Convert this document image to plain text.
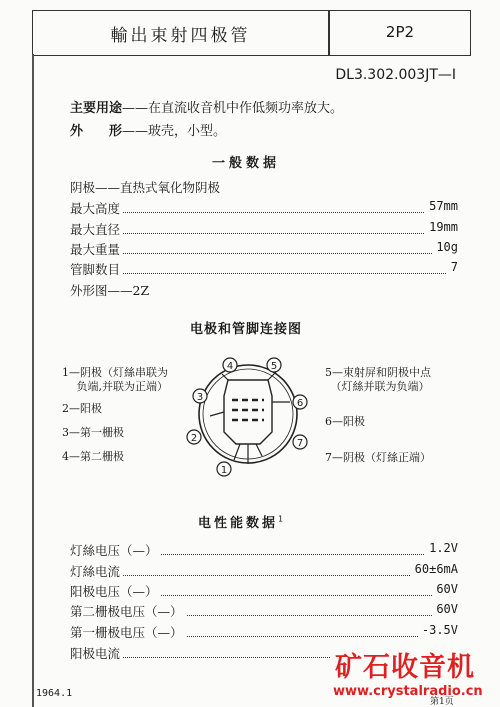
輸出束射四极管	2P2
DL3.302.003JT—Ⅰ
主要用途——在直流收音机中作低频功率放大。
外　　形——玻壳，小型。
一般数据
阴极——直热式氧化物阴极
最大高度	57mm
最大直径	19mm
最大重量	10g
管脚数目	7
外形图——2Z
电极和管脚连接图
1—阴极（灯絲串联为
　 负端,并联为正端）
2—阳极
3—第一栅极
4—第二栅极
5—束射屏和阴极中点
　（灯絲并联为负端）
6—阳极
7—阴极（灯絲正端）
1
2
3
4	5
6
7
电性能数据$^1$
灯絲电压（—）	1.2V
灯絲电流	60±6mA
阳极电压（—）	60V
第二栅极电压（—）	60V
第一栅极电压（—）	-3.5V
阳极电流
1964.1
第1页
矿石收音机
www.crystalradio.cn
